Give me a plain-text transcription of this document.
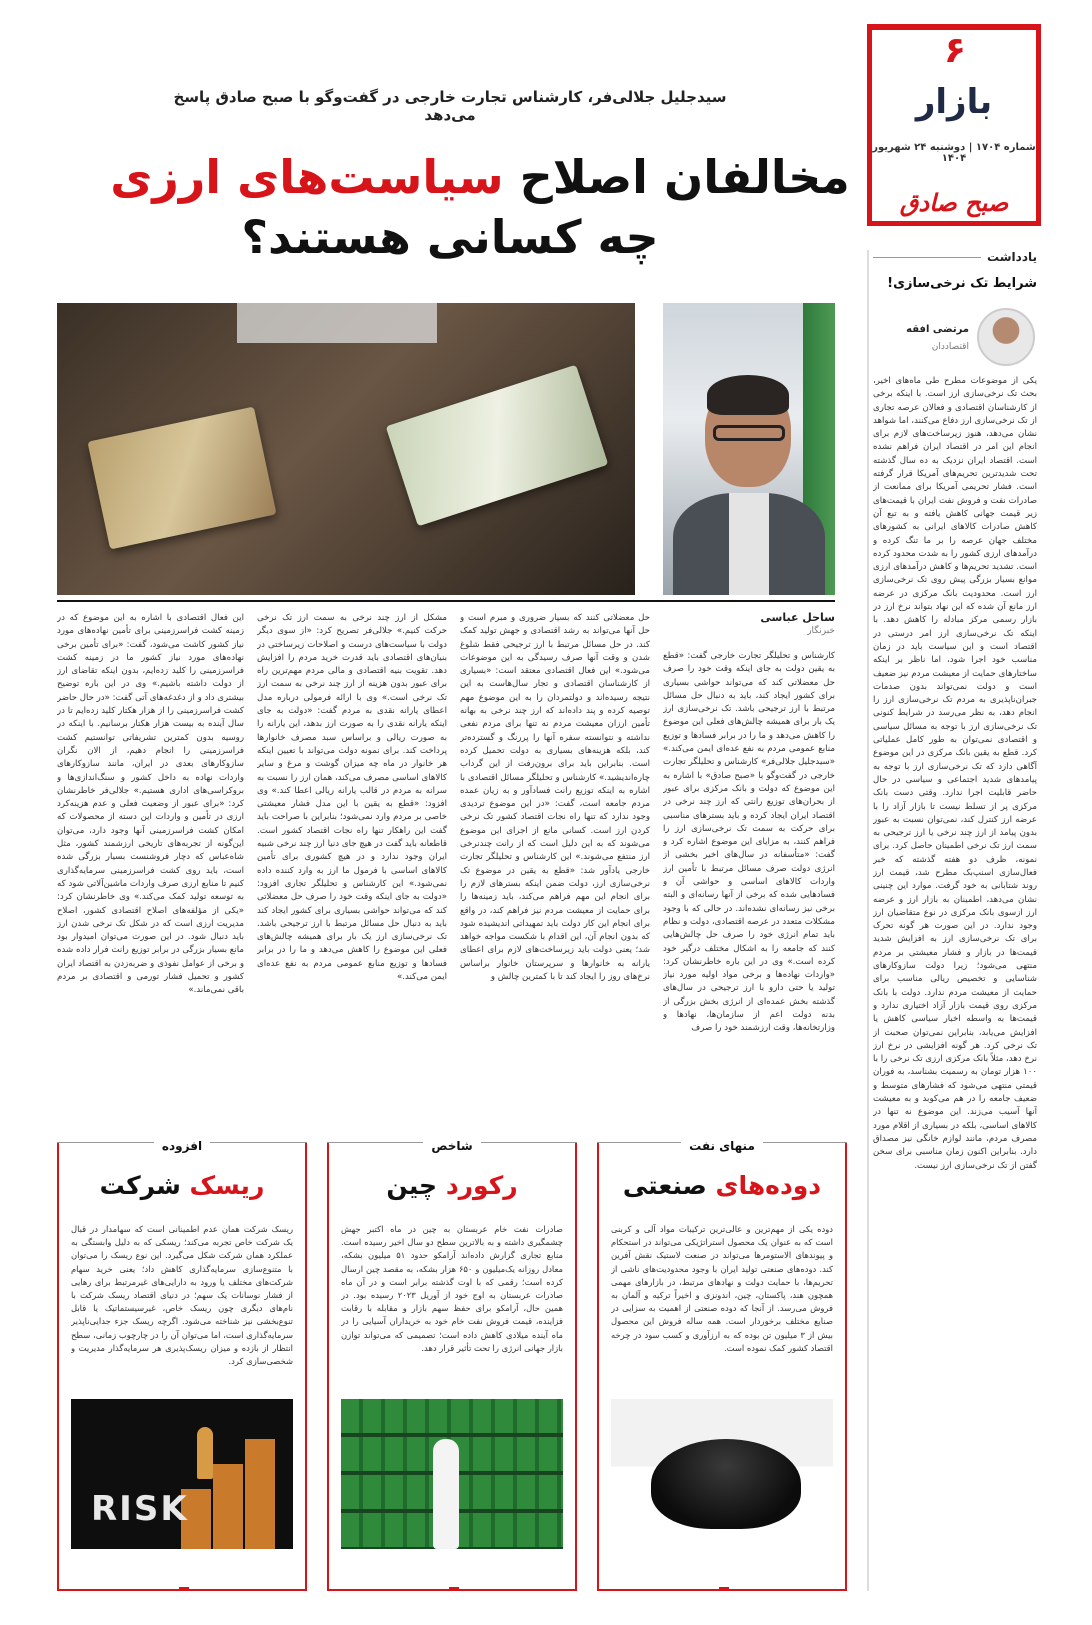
۶
بازار
شماره ۱۷۰۴ | دوشنبه ۲۴ شهریور ۱۴۰۴
صبح صادق
سیدجلیل جلالی‌فر، کارشناس تجارت خارجی در گفت‌وگو با صبح صادق پاسخ می‌دهد
مخالفان اصلاح سیاست‌های ارزی
چه کسانی هستند؟
ساحل عباسی
خبرنگار
کارشناس و تحلیلگر تجارت خارجی گفت: «قطع به یقین دولت به جای اینکه وقت خود را صرف حل معضلاتی کند که می‌تواند حواشی بسیاری برای کشور ایجاد کند، باید به دنبال حل مسائل مرتبط با ارز ترجیحی باشد. تک نرخی‌سازی ارز یک بار برای همیشه چالش‌های فعلی این موضوع را کاهش می‌دهد و ما را در برابر فسادها و توزیع منابع عمومی مردم به نفع عده‌ای ایمن می‌کند.» «سیدجلیل جلالی‌فر» کارشناس و تحلیلگر تجارت خارجی در گفت‌وگو با «صبح صادق» با اشاره به این موضوع که دولت و بانک مرکزی برای عبور از بحران‌های توزیع رانتی که ارز چند نرخی در اقتصاد ایران ایجاد کرده و باید بسترهای مناسبی برای حرکت به سمت تک نرخی‌سازی ارز را فراهم کنند، به مزایای این موضوع اشاره کرد و گفت: «متأسفانه در سال‌های اخیر بخشی از انرژی دولت صرف مسائل مرتبط با تأمین ارز واردات کالاهای اساسی و حواشی آن و فسادهایی شده که برخی از آنها رسانه‌ای و البته برخی نیز رسانه‌ای نشده‌اند. در حالی که با وجود مشکلات متعدد در عرصه اقتصادی، دولت و نظام باید تمام انرژی خود را صرف حل چالش‌هایی کنند که جامعه را به اشکال مختلف درگیر خود کرده است.» وی در این باره خاطرنشان کرد: «واردات نهاده‌ها و برخی مواد اولیه مورد نیاز تولید یا حتی دارو با ارز ترجیحی در سال‌های گذشته بخش عمده‌ای از انرژی بخش بزرگی از بدنه دولت اعم از سازمان‌ها، نهادها و وزارتخانه‌ها، وقت ارزشمند خود را صرف
حل معضلاتی کنند که بسیار ضروری و مبرم است و حل آنها می‌تواند به رشد اقتصادی و جهش تولید کمک کند. در حل مسائل مرتبط با ارز ترجیحی فقط شلوغ شدن و وقت آنها صرف رسیدگی به این موضوعات می‌شود.» این فعال اقتصادی معتقد است: «بسیاری از کارشناسان اقتصادی و تجار سال‌هاست به این نتیجه رسیده‌اند و دولتمردان را به این موضوع مهم توصیه کرده و پند داده‌اند که ارز چند نرخی به بهانه تأمین ارزان معیشت مردم نه تنها برای مردم نفعی نداشته و نتوانسته سفره آنها را پررنگ و گسترده‌تر کند، بلکه هزینه‌های بسیاری به دولت تحمیل کرده است. بنابراین باید برای برون‌رفت از این گرداب چاره‌اندیشید.» کارشناس و تحلیلگر مسائل اقتصادی با اشاره به اینکه توزیع رانت فسادآور و به زیان عمده مردم جامعه است، گفت: «در این موضوع تردیدی وجود ندارد که تنها راه نجات اقتصاد کشور تک نرخی کردن ارز است. کسانی مانع از اجرای این موضوع می‌شوند که به این دلیل است که از رانت چندنرخی ارز منتفع می‌شوند.» این کارشناس و تحلیلگر تجارت خارجی یادآور شد: «قطع به یقین در موضوع تک نرخی‌سازی ارز، دولت ضمن اینکه بسترهای لازم را برای انجام این مهم فراهم می‌کند، باید زمینه‌ها را برای حمایت از معیشت مردم نیز فراهم کند، در واقع برای انجام این کار دولت باید تمهیداتی اندیشیده شود که بدون انجام آن، این اقدام با شکست مواجه خواهد شد؛ یعنی دولت باید زیرساخت‌های لازم برای اعطای یارانه به خانوارها و سرپرستان خانوار براساس نرخ‌های روز را ایجاد کند تا با کمترین چالش و
مشکل از ارز چند نرخی به سمت ارز تک نرخی حرکت کنیم.» جلالی‌فر تصریح کرد: «از سوی دیگر دولت با سیاست‌های درست و اصلاحات زیرساختی در بنیان‌های اقتصادی باید قدرت خرید مردم را افزایش دهد. تقویت بنیه اقتصادی و مالی مردم مهم‌ترین راه برای عبور بدون هزینه از ارز چند نرخی به سمت ارز تک نرخی است.» وی با ارائه فرمولی درباره مدل اعطای یارانه نقدی به مردم گفت: «دولت به جای اینکه یارانه نقدی را به صورت ارز بدهد، این یارانه را به صورت ریالی و براساس سبد مصرف خانوارها پرداخت کند. برای نمونه دولت می‌تواند با تعیین اینکه هر خانوار در ماه چه میزان گوشت و مرغ و سایر کالاهای اساسی مصرف می‌کند، همان ارز را نسبت به سرانه به مردم در قالب یارانه ریالی اعطا کند.» وی افزود: «قطع به یقین با این مدل فشار معیشتی خاصی بر مردم وارد نمی‌شود؛ بنابراین با صراحت باید گفت این راهکار تنها راه نجات اقتصاد کشور است. قاطعانه باید گفت در هیچ جای دنیا ارز چند نرخی شبیه ایران وجود ندارد و در هیچ کشوری برای تأمین کالاهای اساسی با فرمول ما ارز به وارد کننده داده نمی‌شود.» این کارشناس و تحلیلگر تجاری افزود: «دولت به جای اینکه وقت خود را صرف حل معضلاتی کند که می‌تواند حواشی بسیاری برای کشور ایجاد کند باید به دنبال حل مسائل مرتبط با ارز ترجیحی باشد. تک نرخی‌سازی ارز یک بار برای همیشه چالش‌های فعلی این موضوع را کاهش می‌دهد و ما را در برابر فسادها و توزیع منابع عمومی مردم به نفع عده‌ای ایمن می‌کند.»
این فعال اقتصادی با اشاره به این موضوع که در زمینه کشت فراسرزمینی برای تأمین نهاده‌های مورد نیاز کشور کاشت می‌شود، گفت: «برای تأمین برخی نهاده‌های مورد نیاز کشور ما در زمینه کشت فراسرزمینی را کلید زده‌ایم، بدون اینکه تقاضای ارز از دولت داشته باشیم.» وی در این باره توضیح بیشتری داد و از دغدغه‌های آتی گفت: «در حال حاضر کشت فراسرزمینی را از هزار هکتار کلید زده‌ایم تا در سال آینده به بیست هزار هکتار برسانیم. با اینکه در روسیه بدون کمترین تشریفاتی توانستیم کشت فراسرزمینی را انجام دهیم، از الان نگران سازوکارهای بعدی در ایران، مانند سازوکارهای واردات نهاده به داخل کشور و سنگ‌اندازی‌ها و بروکراسی‌های اداری هستیم.» جلالی‌فر خاطرنشان کرد: «برای عبور از وضعیت فعلی و عدم هزینه‌کرد ارزی در تأمین و واردات این دسته از محصولات که امکان کشت فراسرزمینی آنها وجود دارد، می‌توان این‌گونه از تجربه‌های تاریخی ارزشمند کشور، مثل شاه‌عباس که دچار فروشنست بسیار بزرگی شده است، باید روی کشت فراسرزمینی سرمایه‌گذاری کنیم تا منابع ارزی صرف واردات ماشین‌آلاتی شود که به توسعه تولید کمک می‌کند.» وی خاطرنشان کرد: «یکی از مؤلفه‌های اصلاح اقتصادی کشور، اصلاح مدیریت ارزی است که در شکل تک نرخی شدن ارز باید دنبال شود. در این صورت می‌توان امیدوار بود مانع بسیار بزرگی در برابر توزیع رانت فرار داده شده و برخی از عوامل نفوذی و ضربه‌زدن به اقتصاد ایران کشور و تحمیل فشار تورمی و اقتصادی بر مردم باقی نمی‌ماند.»
یادداشت
شرایط تک نرخی‌سازی!
مرتضی افقه
اقتصاددان
یکی از موضوعات مطرح طی ماه‌های اخیر، بحث تک نرخی‌سازی ارز است. با اینکه برخی از کارشناسان اقتصادی و فعالان عرصه تجاری از تک نرخی‌سازی ارز دفاع می‌کنند، اما شواهد نشان می‌دهد، هنوز زیرساخت‌های لازم برای انجام این امر در اقتصاد ایران فراهم نشده است. اقتصاد ایران نزدیک به ده سال گذشته تحت شدیدترین تحریم‌های آمریکا قرار گرفته است. فشار تحریمی آمریکا برای ممانعت از صادرات نفت و فروش نفت ایران با قیمت‌های زیر قیمت جهانی کاهش یافته و به تبع آن کاهش صادرات کالاهای ایرانی به کشورهای مختلف جهان عرصه را بر ما تنگ کرده و درآمدهای ارزی کشور را به شدت محدود کرده است. تشدید تحریم‌ها و کاهش درآمدهای ارزی موانع بسیار بزرگی پیش روی تک نرخی‌سازی ارز است. محدودیت بانک مرکزی در عرضه ارز مانع آن شده که این نهاد بتواند نرخ ارز در بازار رسمی مرکز مبادله را کاهش دهد. با اینکه تک نرخی‌سازی ارز امر درستی در اقتصاد است و این سیاست باید در زمان مناسب خود اجرا شود، اما ناظر بر اینکه ساختارهای حمایت از معیشت مردم نیز ضعیف است و دولت نمی‌تواند بدون صدمات جبران‌ناپذیری به مردم تک نرخی‌سازی ارز را انجام دهد، به نظر می‌رسد در شرایط کنونی تک نرخی‌سازی ارز با توجه به مسائل سیاسی و اقتصادی نمی‌توان به طور کامل عملیاتی کرد. قطع به یقین بانک مرکزی در این موضوع آگاهی دارد که تک نرخی‌سازی ارز با توجه به پیامدهای شدید اجتماعی و سیاسی در حال حاضر قابلیت اجرا ندارد. وقتی دست بانک مرکزی پر از تسلط نیست تا بازار آزاد را با عرضه ارز کنترل کند، نمی‌توان نسبت به عبور بدون پیامد از ارز چند نرخی یا ارز ترجیحی به سمت ارز تک نرخی اطمینان حاصل کرد. برای نمونه، ظرف دو هفته گذشته که خبر فعال‌سازی اسنپ‌بک مطرح شد، قیمت ارز روند شتابانی به خود گرفت. موارد این چنینی نشان می‌دهد، اطمینان به بازار ارز و عرضه ارز ازسوی بانک مرکزی در نوع متقاضیان ارز وجود ندارد. در این صورت هر گونه تحرک برای تک نرخی‌سازی ارز به افزایش شدید قیمت‌ها در بازار و فشار معیشتی بر مردم منتهی می‌شود؛ زیرا دولت سازوکارهای شناسایی و تخصیص ریالی مناسب برای حمایت از معیشت مردم ندارد. دولت با بانک مرکزی روی قیمت بازار آزاد اختیاری ندارد و قیمت‌ها به واسطه اخبار سیاسی کاهش یا افزایش می‌یابد، بنابراین نمی‌توان صحبت از تک نرخی کرد. هر گونه افزایشی در نرخ ارز نرخ دهد، مثلاً بانک مرکزی ارزی تک نرخی را با ۱۰۰ هزار تومان به رسمیت بشناسد، به فوران قیمتی منتهی می‌شود که فشارهای متوسط و ضعیف جامعه را در هم می‌کوبد و به معیشت آنها آسیب می‌زند. این موضوع نه تنها در کالاهای اساسی، بلکه در بسیاری از اقلام مورد مصرف مردم، مانند لوازم خانگی نیز مصداق دارد. بنابراین اکنون زمان مناسبی برای سخن گفتن از تک نرخی‌سازی ارز نیست.
منهای نفت
دوده‌های صنعتی
دوده یکی از مهم‌ترین و عالی‌ترین ترکیبات مواد آلی و کربنی است که به عنوان یک محصول استراتژیکی می‌تواند در استحکام و پیوندهای الاستومرها می‌تواند در صنعت لاستیک نقش آفرین کند. دوده‌های صنعتی تولید ایران با وجود محدودیت‌های ناشی از تحریم‌ها، با حمایت دولت و نهادهای مرتبط، در بازارهای مهمی همچون هند، پاکستان، چین، اندونزی و اخیراً ترکیه و آلمان به فروش می‌رسد. از آنجا که دوده صنعتی از اهمیت به سزایی در صنایع مختلف برخوردار است. همه ساله فروش این محصول بیش از ۳ میلیون تن بوده که به ارزآوری و کسب سود در چرخه اقتصاد کشور کمک نموده است.
شاخص
رکورد چین
صادرات نفت خام عربستان به چین در ماه اکتبر جهش چشمگیری داشته و به بالاترین سطح دو سال اخیر رسیده است. منابع تجاری گزارش داده‌اند آرامکو حدود ۵۱ میلیون بشکه، معادل روزانه یک‌میلیون و ۶۵۰ هزار بشکه، به مقصد چین ارسال کرده است؛ رقمی که با اوت گذشته برابر است و در آن ماه صادرات عربستان به اوج خود از آوریل ۲۰۲۳ رسیده بود. در همین حال، آرامکو برای حفظ سهم بازار و مقابله با رقابت فزاینده، قیمت فروش نفت خام خود به خریداران آسیایی را در ماه آینده میلادی کاهش داده است؛ تصمیمی که می‌تواند توازن بازار جهانی انرژی را تحت تأثیر قرار دهد.
افزوده
ریسک شرکت
ریسک شرکت همان عدم اطمینانی است که سهامدار در قبال یک شرکت خاص تجربه می‌کند؛ ریسکی که به دلیل وابستگی به عملکرد همان شرکت شکل می‌گیرد. این نوع ریسک را می‌توان با متنوع‌سازی سرمایه‌گذاری کاهش داد؛ یعنی خرید سهام شرکت‌های مختلف یا ورود به دارایی‌های غیرمرتبط برای رهایی از فشار نوسانات یک سهم؛ در دنیای اقتصاد ریسک شرکت با نام‌های دیگری چون ریسک خاص، غیرسیستماتیک یا قابل تنوع‌بخشی نیز شناخته می‌شود. اگرچه ریسک جزء جدایی‌ناپذیر سرمایه‌گذاری است، اما می‌توان آن را در چارچوب زمانی، سطح انتظار از بازده و میزان ریسک‌پذیری هر سرمایه‌گذار مدیریت و شخصی‌سازی کرد.
RISK
